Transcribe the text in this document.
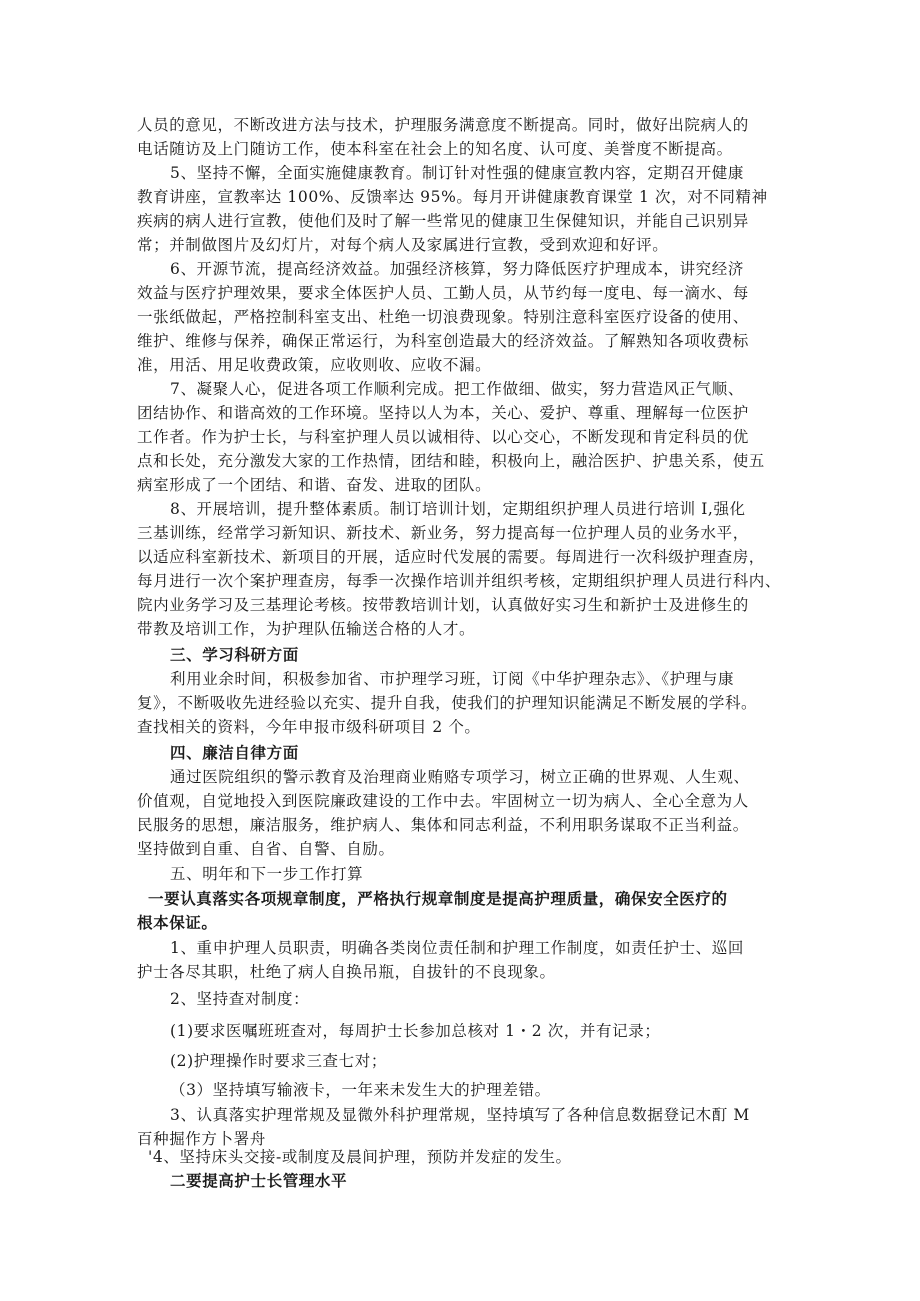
人员的意见，不断改进方法与技术，护理服务满意度不断提高。同时，做好出院病人的
电话随访及上门随访工作，使本科室在社会上的知名度、认可度、美誉度不断提高。
5、坚持不懈，全面实施健康教育。制订针对性强的健康宣教内容，定期召开健康
教育讲座，宣教率达 100%、反馈率达 95%。每月开讲健康教育课堂 1 次，对不同精神
疾病的病人进行宣教，使他们及时了解一些常见的健康卫生保健知识，并能自己识别异
常；并制做图片及幻灯片，对每个病人及家属进行宣教，受到欢迎和好评。
6、开源节流，提高经济效益。加强经济核算，努力降低医疗护理成本，讲究经济
效益与医疗护理效果，要求全体医护人员、工勤人员，从节约每一度电、每一滴水、每
一张纸做起，严格控制科室支出、杜绝一切浪费现象。特别注意科室医疗设备的使用、
维护、维修与保养，确保正常运行，为科室创造最大的经济效益。了解熟知各项收费标
准，用活、用足收费政策，应收则收、应收不漏。
7、凝聚人心，促进各项工作顺利完成。把工作做细、做实，努力营造风正气顺、
团结协作、和谐高效的工作环境。坚持以人为本，关心、爱护、尊重、理解每一位医护
工作者。作为护士长，与科室护理人员以诚相待、以心交心，不断发现和肯定科员的优
点和长处，充分激发大家的工作热情，团结和睦，积极向上，融洽医护、护患关系，使五
病室形成了一个团结、和谐、奋发、进取的团队。
8、开展培训，提升整体素质。制订培训计划，定期组织护理人员进行培训 I,强化
三基训练，经常学习新知识、新技术、新业务，努力提高每一位护理人员的业务水平，
以适应科室新技术、新项目的开展，适应时代发展的需要。每周进行一次科级护理查房，
每月进行一次个案护理查房，每季一次操作培训并组织考核，定期组织护理人员进行科内、
院内业务学习及三基理论考核。按带教培训计划，认真做好实习生和新护士及进修生的
带教及培训工作，为护理队伍输送合格的人才。
三、学习科研方面
利用业余时间，积极参加省、市护理学习班，订阅《中华护理杂志》、《护理与康
复》，不断吸收先进经验以充实、提升自我，使我们的护理知识能满足不断发展的学科。
查找相关的资料，今年申报市级科研项目 2 个。
四、廉洁自律方面
通过医院组织的警示教育及治理商业贿赂专项学习，树立正确的世界观、人生观、
价值观，自觉地投入到医院廉政建设的工作中去。牢固树立一切为病人、全心全意为人
民服务的思想，廉洁服务，维护病人、集体和同志利益，不利用职务谋取不正当利益。
坚持做到自重、自省、自警、自励。
五、明年和下一步工作打算
一要认真落实各项规章制度，严格执行规章制度是提高护理质量，确保安全医疗的
根本保证。
1、重申护理人员职责，明确各类岗位责任制和护理工作制度，如责任护士、巡回
护士各尽其职，杜绝了病人自换吊瓶，自拔针的不良现象。
2、坚持查对制度：
(1)要求医嘱班班查对，每周护士长参加总核对 1・2 次，并有记录；
(2)护理操作时要求三查七对；
（3）坚持填写输液卡，一年来未发生大的护理差错。
3、认真落实护理常规及显微外科护理常规，坚持填写了各种信息数据登记木酊 M
百种掘作方卜署舟
'4、坚持床头交接-或制度及晨间护理，预防并发症的发生。
二要提高护士长管理水平
